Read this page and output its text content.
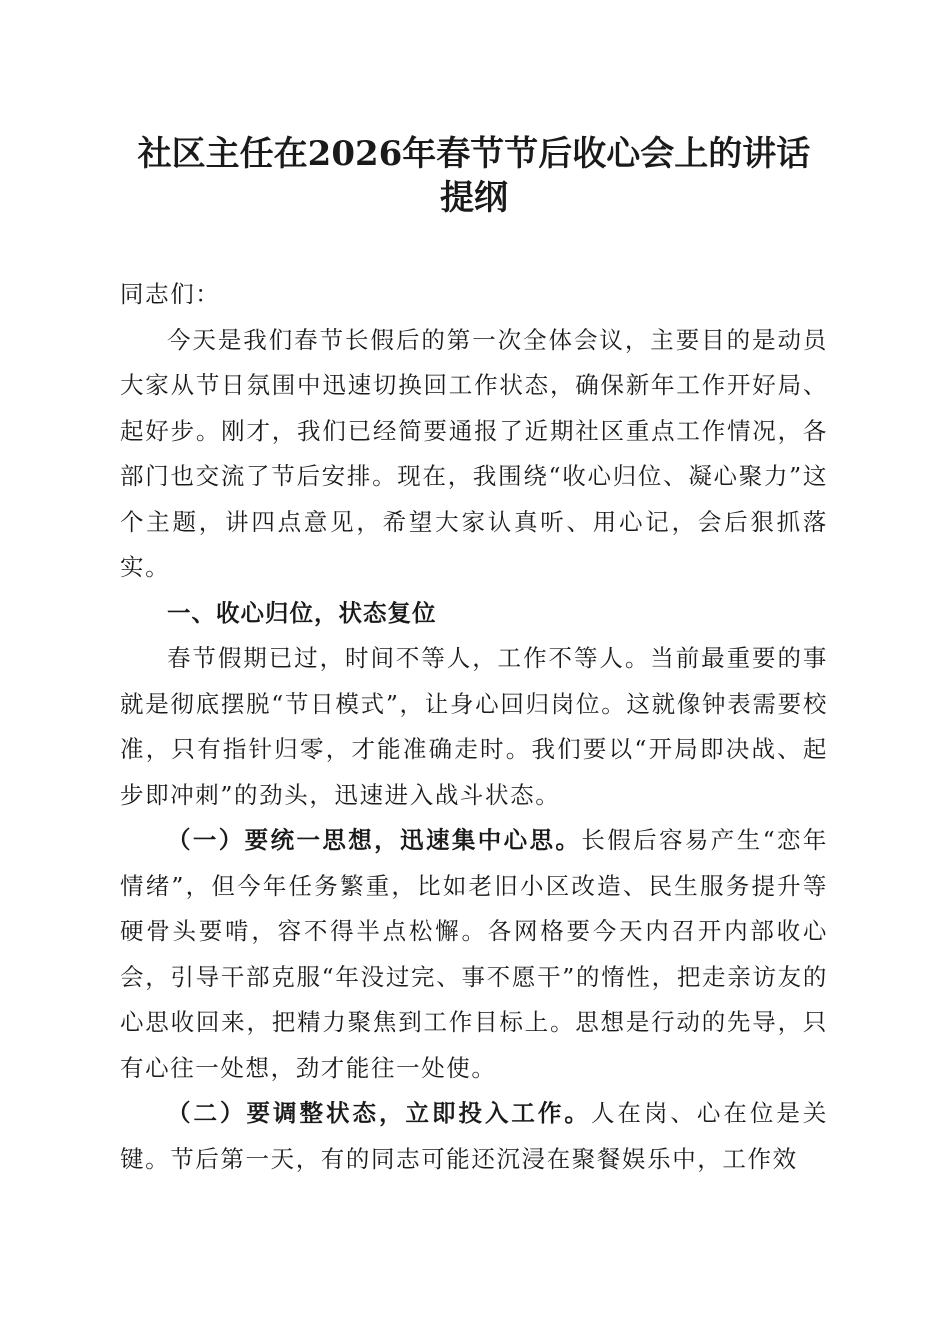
社区主任在2026年春节节后收心会上的讲话
提纲

同志们：

今天是我们春节长假后的第一次全体会议，主要目的是动员大家从节日氛围中迅速切换回工作状态，确保新年工作开好局、起好步。刚才，我们已经简要通报了近期社区重点工作情况，各部门也交流了节后安排。现在，我围绕“收心归位、凝心聚力”这个主题，讲四点意见，希望大家认真听、用心记，会后狠抓落实。

一、收心归位，状态复位

春节假期已过，时间不等人，工作不等人。当前最重要的事就是彻底摆脱“节日模式”，让身心回归岗位。这就像钟表需要校准，只有指针归零，才能准确走时。我们要以“开局即决战、起步即冲刺”的劲头，迅速进入战斗状态。

（一）要统一思想，迅速集中心思。长假后容易产生“恋年情绪”，但今年任务繁重，比如老旧小区改造、民生服务提升等硬骨头要啃，容不得半点松懈。各网格要今天内召开内部收心会，引导干部克服“年没过完、事不愿干”的惰性，把走亲访友的心思收回来，把精力聚焦到工作目标上。思想是行动的先导，只有心往一处想，劲才能往一处使。

（二）要调整状态，立即投入工作。人在岗、心在位是关键。节后第一天，有的同志可能还沉浸在聚餐娱乐中，工作效
